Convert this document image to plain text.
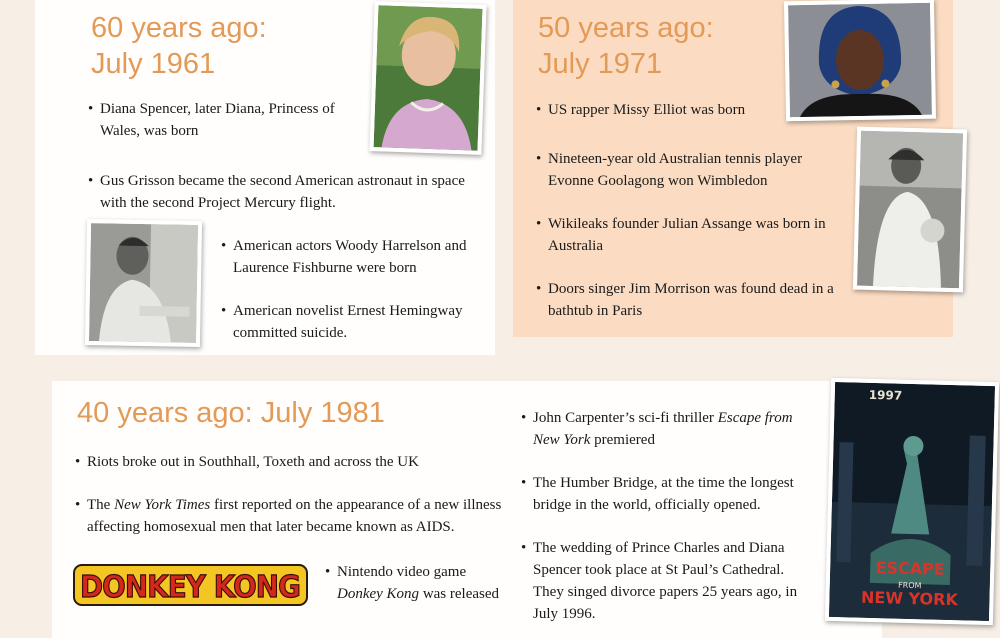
60 years ago:
July 1961
• Diana Spencer, later Diana, Princess of Wales, was born
• Gus Grisson became the second American astronaut in space with the second Project Mercury flight.
• American actors Woody Harrelson and Laurence Fishburne were born
• American novelist Ernest Hemingway committed suicide.
50 years ago:
July 1971
• US rapper Missy Elliot was born
• Nineteen-year old Australian tennis player Evonne Goolagong won Wimbledon
• Wikileaks founder Julian Assange was born in Australia
• Doors singer Jim Morrison was found dead in a bathtub in Paris
40 years ago: July 1981
• Riots broke out in Southhall, Toxeth and across the UK
• The New York Times first reported on the appearance of a new illness affecting homosexual men that later became known as AIDS.
• Nintendo video game Donkey Kong was released
• John Carpenter’s sci-fi thriller Escape from New York premiered
• The Humber Bridge, at the time the longest bridge in the world, officially opened.
• The wedding of Prince Charles and Diana Spencer took place at St Paul’s Cathedral. They singed divorce papers 25 years ago, in July 1996.
DONKEY KONG
1997
ESCAPE
FROM
NEW YORK
